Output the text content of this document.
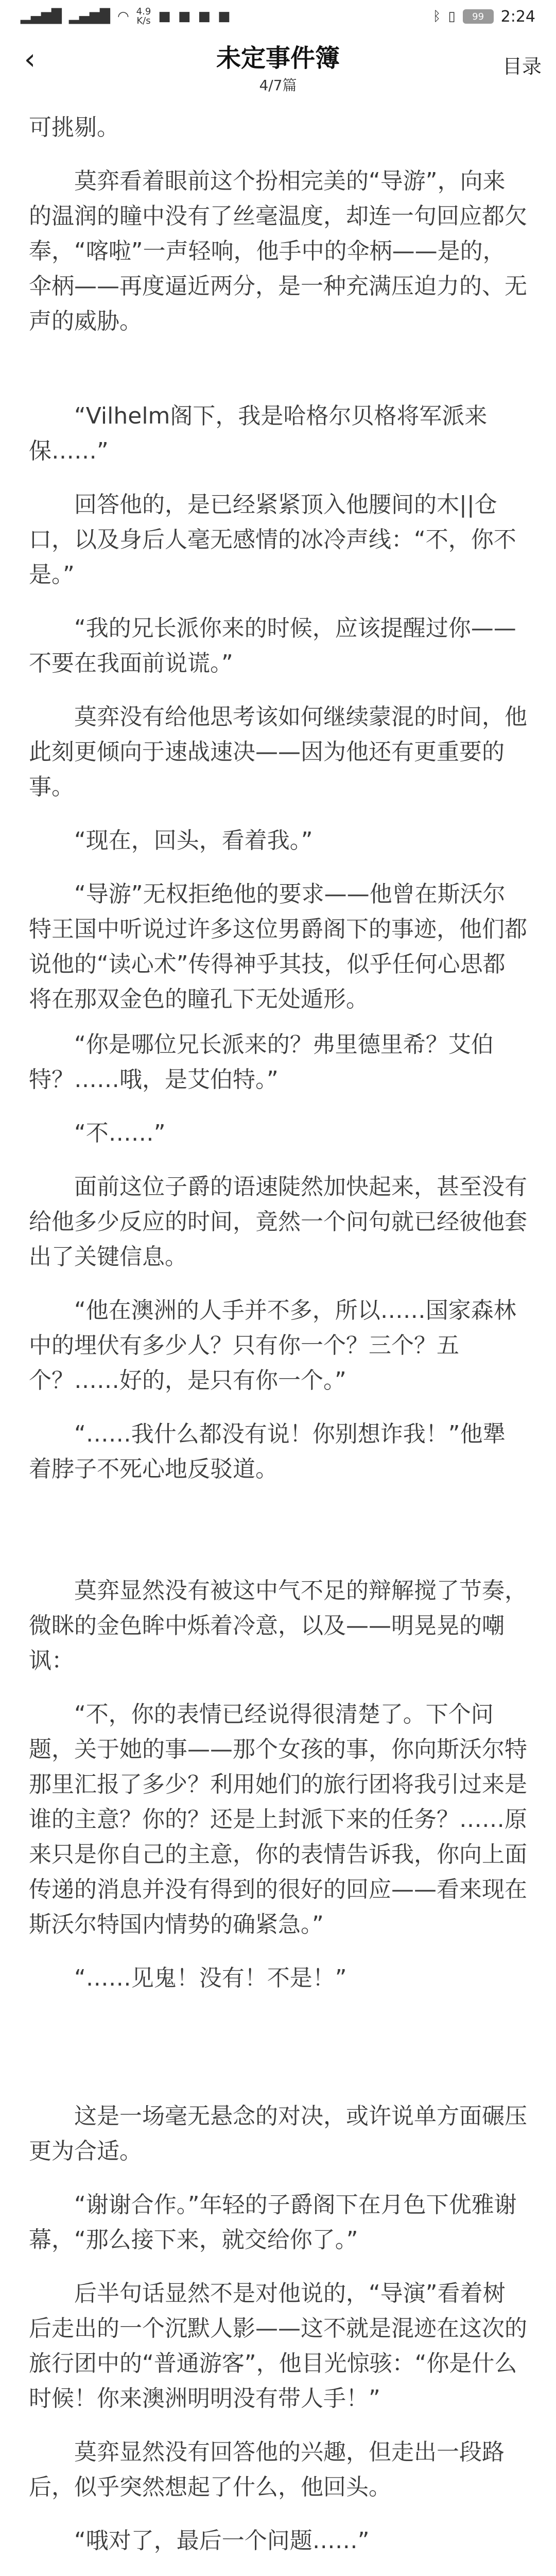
▂▄▆█ ▂▄▆█ ◠ 4.9
K/s ■ ■ ■ ■	ᛒ ▯	99	2:24
‹	未定事件簿
4/7篇
目录

可挑剔。

莫弈看着眼前这个扮相完美的“导游”，向来的温润的瞳中没有了丝毫温度，却连一句回应都欠奉，“喀啦”一声轻响，他手中的伞柄——是的，伞柄——再度逼近两分，是一种充满压迫力的、无声的威胁。

“Vilhelm阁下，我是哈格尔贝格将军派来保……”

回答他的，是已经紧紧顶入他腰间的木||仓口，以及身后人毫无感情的冰冷声线：“不，你不是。”

“我的兄长派你来的时候，应该提醒过你——不要在我面前说谎。”

莫弈没有给他思考该如何继续蒙混的时间，他此刻更倾向于速战速决——因为他还有更重要的事。

“现在，回头，看着我。”

“导游”无权拒绝他的要求——他曾在斯沃尔特王国中听说过许多这位男爵阁下的事迹，他们都说他的“读心术”传得神乎其技，似乎任何心思都将在那双金色的瞳孔下无处遁形。

“你是哪位兄长派来的？弗里德里希？艾伯特？……哦，是艾伯特。”

“不……”

面前这位子爵的语速陡然加快起来，甚至没有给他多少反应的时间，竟然一个问句就已经彼他套出了关键信息。

“他在澳洲的人手并不多，所以……国家森林中的埋伏有多少人？只有你一个？三个？五个？……好的，是只有你一个。”

“……我什么都没有说！你别想诈我！”他犟着脖子不死心地反驳道。

莫弈显然没有被这中气不足的辩解搅了节奏，微眯的金色眸中烁着冷意，以及——明晃晃的嘲讽：

“不，你的表情已经说得很清楚了。下个问题，关于她的事——那个女孩的事，你向斯沃尔特那里汇报了多少？利用她们的旅行团将我引过来是谁的主意？你的？还是上封派下来的任务？……原来只是你自己的主意，你的表情告诉我，你向上面传递的消息并没有得到的很好的回应——看来现在斯沃尔特国内情势的确紧急。”

“……见鬼！没有！不是！”

这是一场毫无悬念的对决，或许说单方面碾压更为合适。

“谢谢合作。”年轻的子爵阁下在月色下优雅谢幕，“那么接下来，就交给你了。”

后半句话显然不是对他说的，“导演”看着树后走出的一个沉默人影——这不就是混迹在这次的旅行团中的“普通游客”，他目光惊骇：“你是什么时候！你来澳洲明明没有带人手！”

莫弈显然没有回答他的兴趣，但走出一段路后，似乎突然想起了什么，他回头。

“哦对了，最后一个问题……”
